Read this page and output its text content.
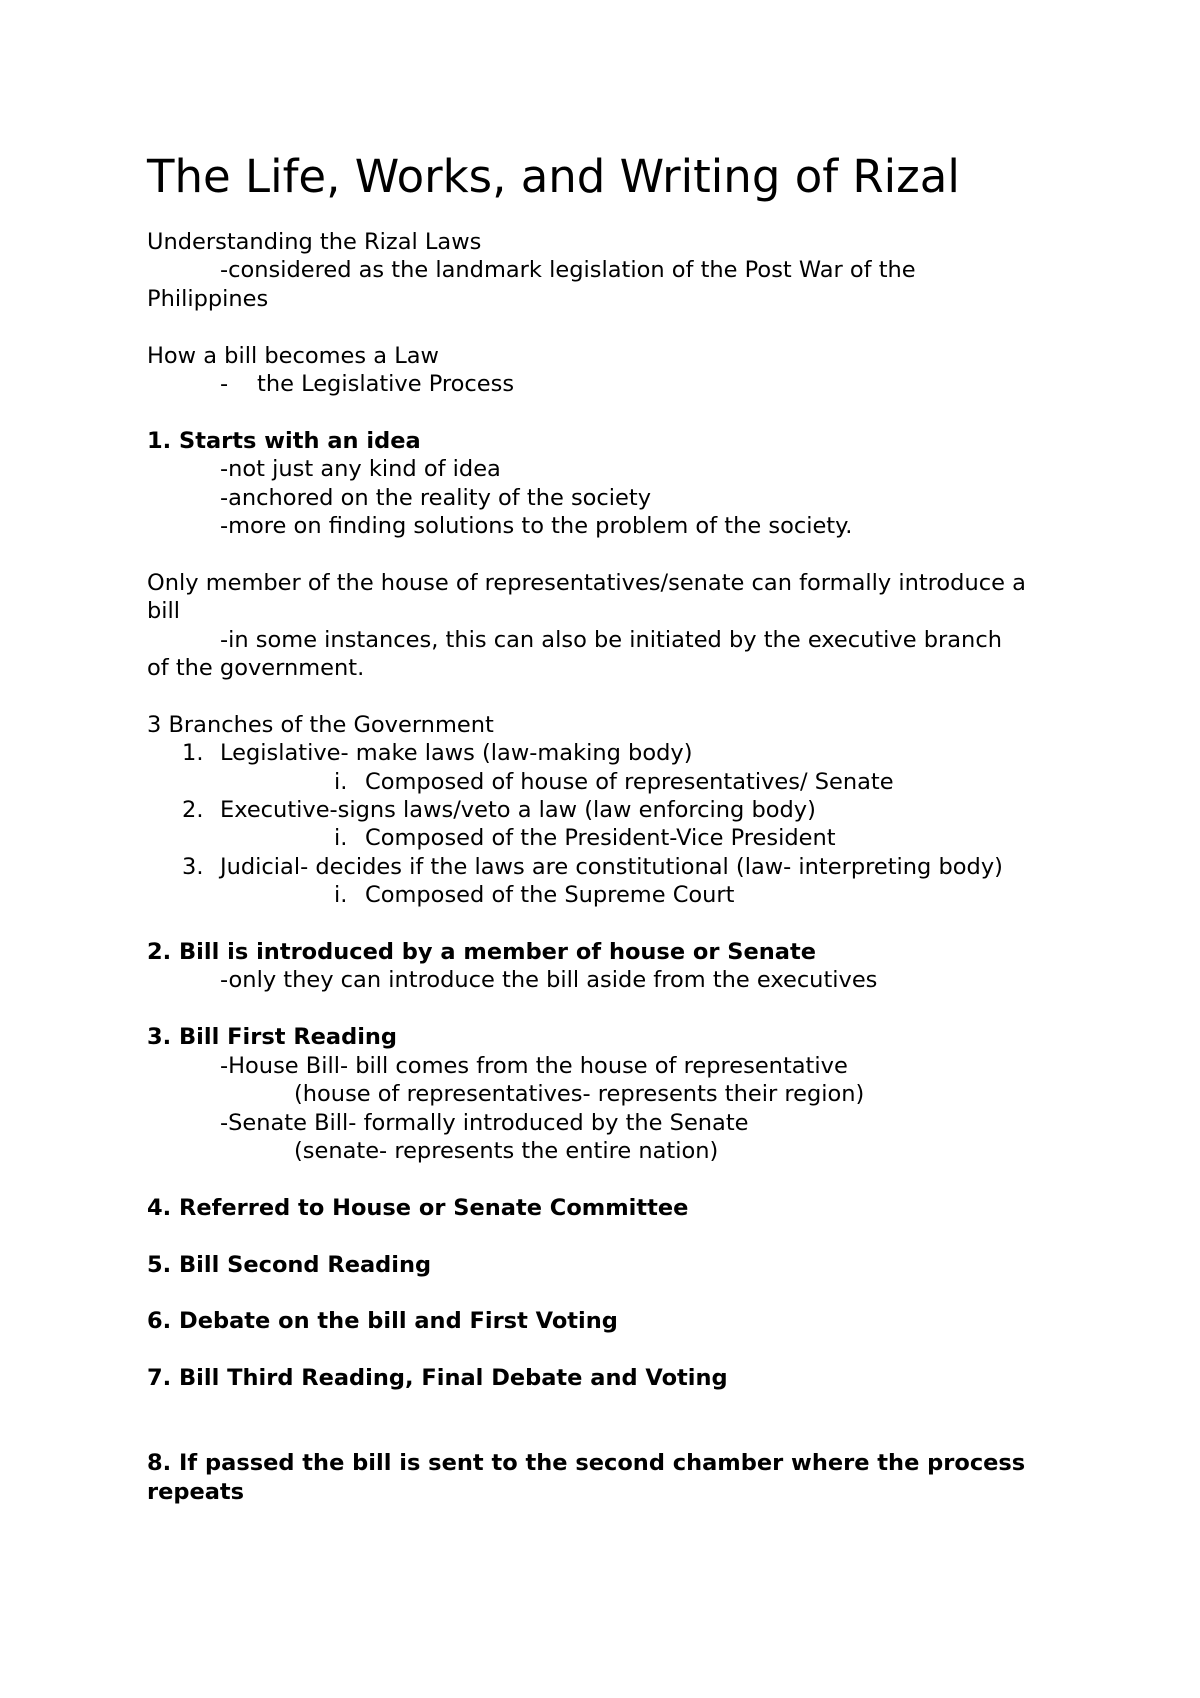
The Life, Works, and Writing of Rizal

Understanding the Rizal Laws

-considered as the landmark legislation of the Post War of the Philippines

How a bill becomes a Law

-	the Legislative Process

1. Starts with an idea

-not just any kind of idea

-anchored on the reality of the society

-more on finding solutions to the problem of the society.

Only member of the house of representatives/senate can formally introduce a bill

-in some instances, this can also be initiated by the executive branch of the government.

3 Branches of the Government

1. Legislative- make laws (law-making body)
i. Composed of house of representatives/ Senate
2. Executive-signs laws/veto a law (law enforcing body)
i. Composed of the President-Vice President
3. Judicial- decides if the laws are constitutional (law- interpreting body)
i. Composed of the Supreme Court

2. Bill is introduced by a member of house or Senate

-only they can introduce the bill aside from the executives

3. Bill First Reading

-House Bill- bill comes from the house of representative

(house of representatives- represents their region)

-Senate Bill- formally introduced by the Senate

(senate- represents the entire nation)

4. Referred to House or Senate Committee

5. Bill Second Reading

6. Debate on the bill and First Voting

7. Bill Third Reading, Final Debate and Voting

8. If passed the bill is sent to the second chamber where the process repeats
